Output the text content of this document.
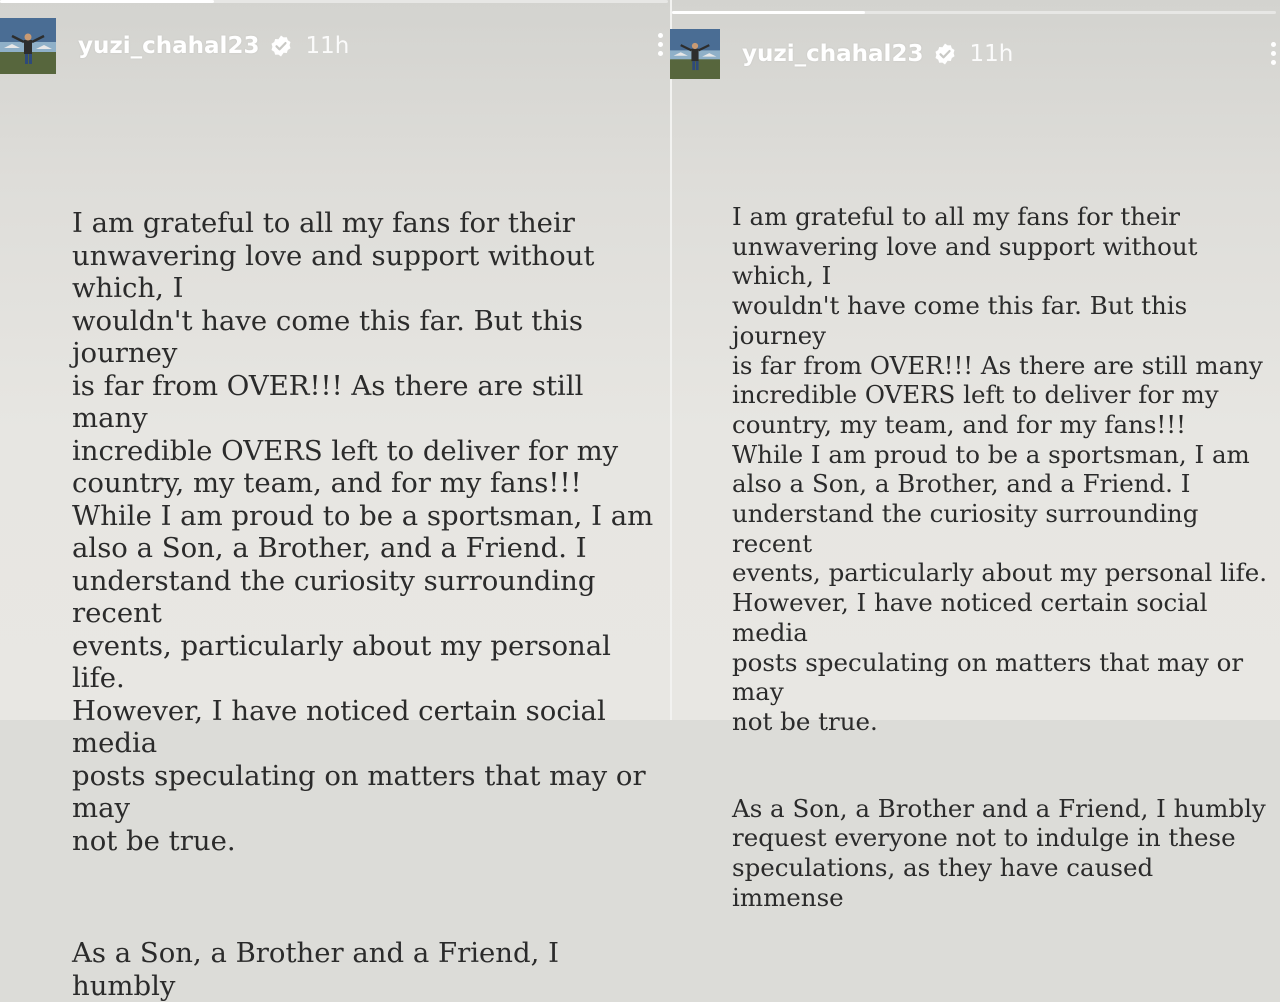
yuzi_chahal23 11h

I am grateful to all my fans for their
unwavering love and support without which, I
wouldn't have come this far. But this journey
is far from OVER!!! As there are still many
incredible OVERS left to deliver for my
country, my team, and for my fans!!!
While I am proud to be a sportsman, I am
also a Son, a Brother, and a Friend. I
understand the curiosity surrounding recent
events, particularly about my personal life.
However, I have noticed certain social media
posts speculating on matters that may or may
not be true.

As a Son, a Brother and a Friend, I humbly

yuzi_chahal23 11h

I am grateful to all my fans for their
unwavering love and support without which, I
wouldn't have come this far. But this journey
is far from OVER!!! As there are still many
incredible OVERS left to deliver for my
country, my team, and for my fans!!!
While I am proud to be a sportsman, I am
also a Son, a Brother, and a Friend. I
understand the curiosity surrounding recent
events, particularly about my personal life.
However, I have noticed certain social media
posts speculating on matters that may or may
not be true.

As a Son, a Brother and a Friend, I humbly
request everyone not to indulge in these
speculations, as they have caused immense
